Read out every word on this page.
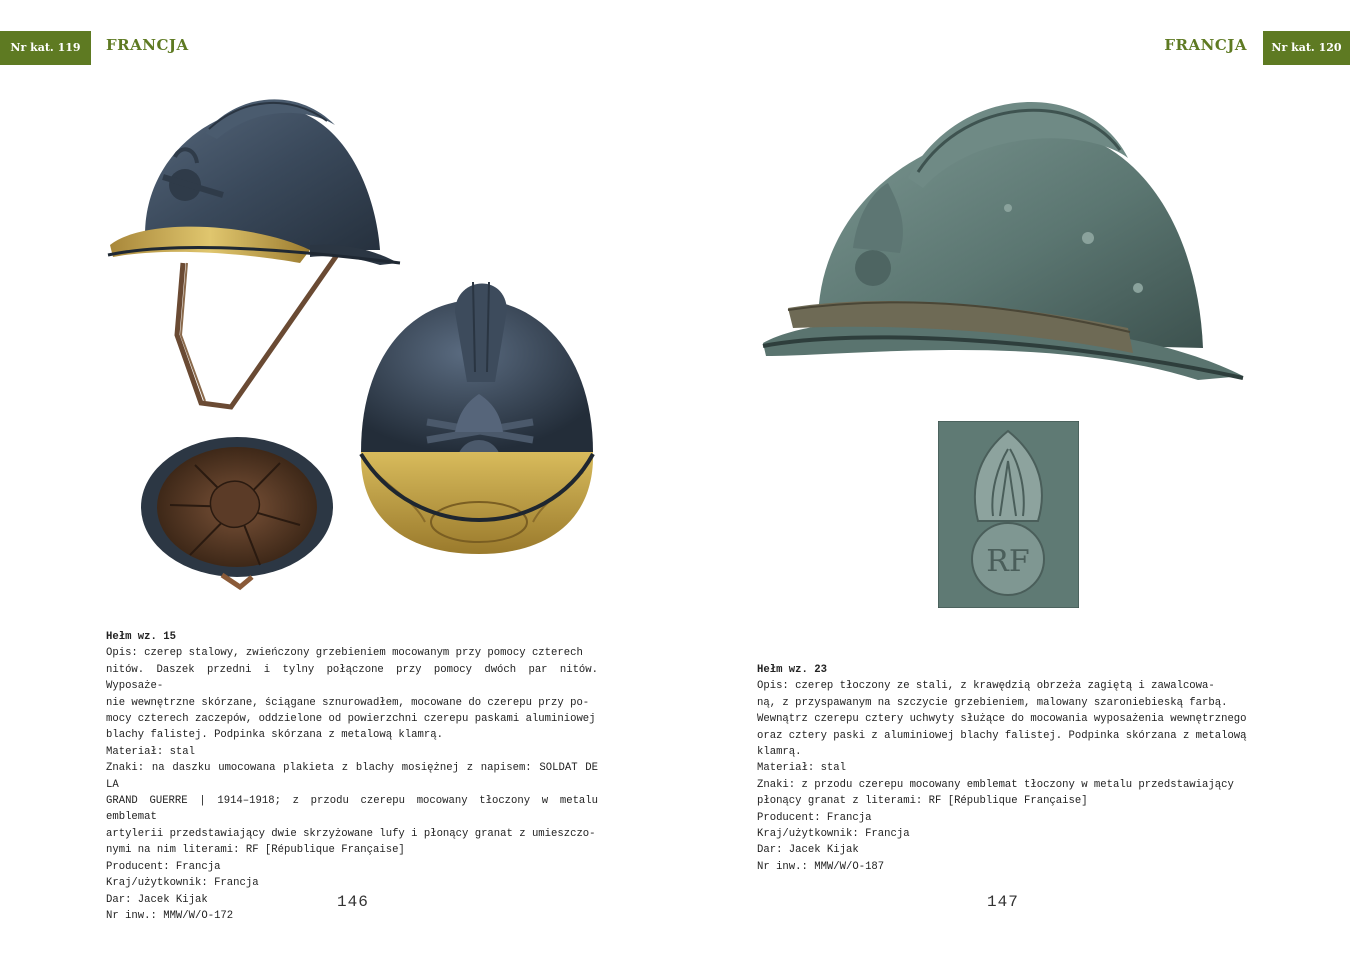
Nr kat. 119	FRANCJA

Hełm wz. 15

Opis: czerep stalowy, zwieńczony grzebieniem mocowanym przy pomocy czterech

nitów. Daszek przedni i tylny połączone przy pomocy dwóch par nitów. Wyposaże-

nie wewnętrzne skórzane, ściągane sznurowadłem, mocowane do czerepu przy po-

mocy czterech zaczepów, oddzielone od powierzchni czerepu paskami aluminiowej

blachy falistej. Podpinka skórzana z metalową klamrą.

Materiał: stal

Znaki: na daszku umocowana plakieta z blachy mosiężnej z napisem: SOLDAT DE LA

GRAND GUERRE | 1914–1918; z przodu czerepu mocowany tłoczony w metalu emblemat

artylerii przedstawiający dwie skrzyżowane lufy i płonący granat z umieszczo-

nymi na nim literami: RF [République Française]

Producent: Francja

Kraj/użytkownik: Francja

Dar: Jacek Kijak

Nr inw.: MMW/W/O-172

146
FRANCJA	Nr kat. 120
RF

Hełm wz. 23

Opis: czerep tłoczony ze stali, z krawędzią obrzeża zagiętą i zawalcowa-

ną, z przyspawanym na szczycie grzebieniem, malowany szaroniebieską farbą.

Wewnątrz czerepu cztery uchwyty służące do mocowania wyposażenia wewnętrznego

oraz cztery paski z aluminiowej blachy falistej. Podpinka skórzana z metalową

klamrą.

Materiał: stal

Znaki: z przodu czerepu mocowany emblemat tłoczony w metalu przedstawiający

płonący granat z literami: RF [République Française]

Producent: Francja

Kraj/użytkownik: Francja

Dar: Jacek Kijak

Nr inw.: MMW/W/O-187

147
